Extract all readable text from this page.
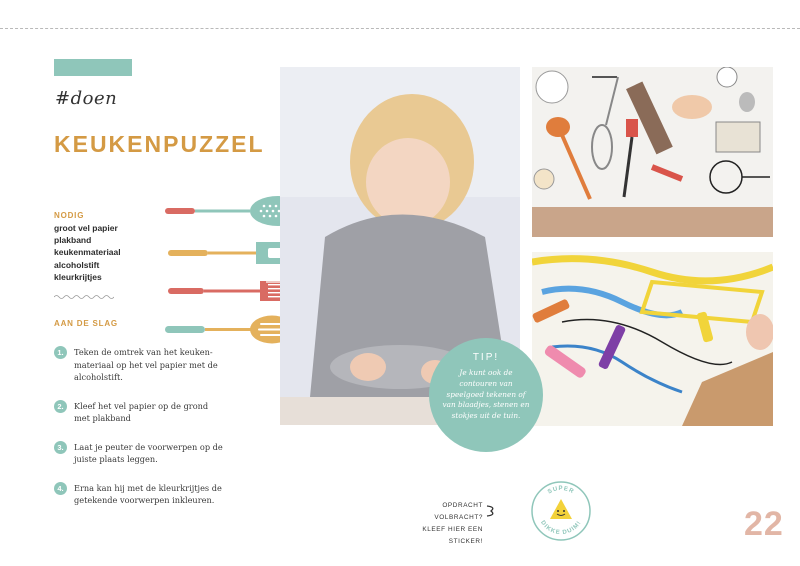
#doen
KEUKENPUZZEL
NODIG
groot vel papier
plakband
keukenmateriaal
alcoholstift
kleurkrijtjes
AAN DE SLAG
1.	Teken de omtrek van het keuken-materiaal op het vel papier met de alcoholstift.
2.	Kleef het vel papier op de grond met plakband
3.	Laat je peuter de voorwerpen op de juiste plaats leggen.
4.	Erna kan hij met de kleurkrijtjes de getekende voorwerpen inkleuren.
TIP!
Je kunt ook de contouren van speelgoed tekenen of van blaadjes, stenen en stokjes uit de tuin.
OPDRACHT VOLBRACHT?
KLEEF HIER EEN STICKER!
SUPER
DIKKE DUIM!	22
